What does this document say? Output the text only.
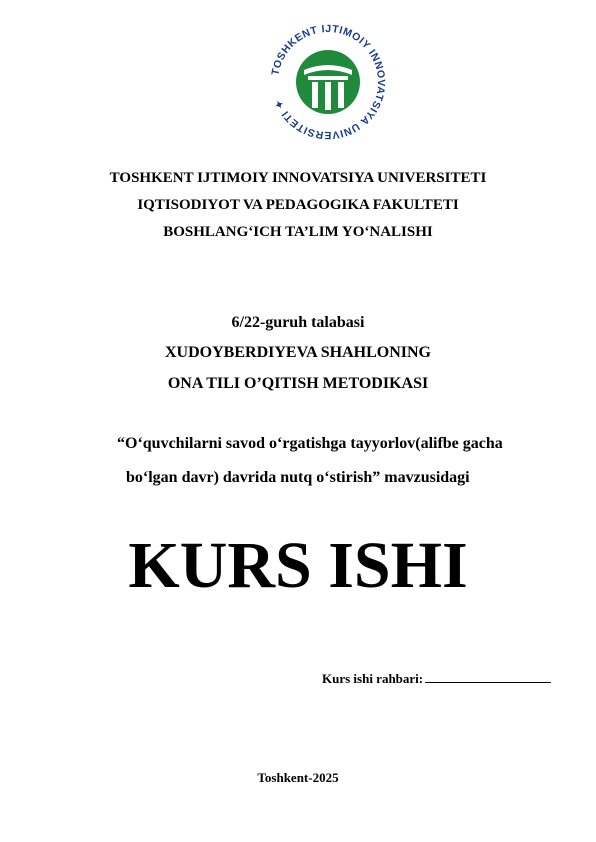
TOSHKENT IJTIMOIY INNOVATSIYA UNIVERSITETI ✦
TOSHKENT IJTIMOIY INNOVATSIYA UNIVERSITETI
IQTISODIYOT VA PEDAGOGIKA FAKULTETI
BOSHLANG‘ICH TA’LIM YO‘NALISHI
6/22-guruh talabasi
XUDOYBERDIYEVA SHAHLONING
ONA TILI O’QITISH METODIKASI
“O‘quvchilarni savod o‘rgatishga tayyorlov(alifbe gacha
bo‘lgan davr) davrida nutq o‘stirish” mavzusidagi
KURS ISHI
Kurs ishi rahbari:
Toshkent-2025
